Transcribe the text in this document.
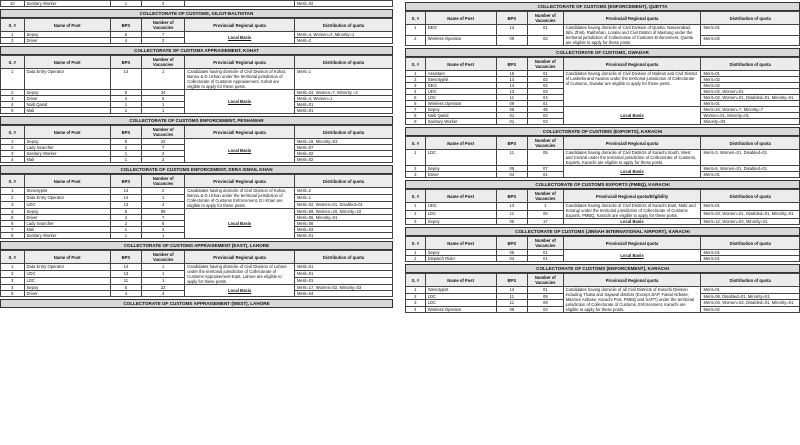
10	Sanitary Worker	1	2		Merit=02
COLLECTORATE OF CUSTOMS, GILGIT-BALTISTAN
S. #	Name of Post	BPS	Number of Vacancies	Provincial/ Regional quota	Distribution of quota
1	Sepoy	5	7	Local Basis	Merit=4, Women=2, Minority=1
2	Driver	4	2		Merit=2
COLLECTORATE OF CUSTOMS APPRAISEMENT, KOHAT
S. #	Name of Post	BPS	Number of Vacancies	Provincial/ Regional quota	Distribution of quota
1	Data Entry Operator	14	1	Candidates having domicile of Civil Division of Kohat, Bannu & D.I.Khan under the territorial jurisdiction of Collectorate of Customs Appraisement, Kohat are eligible to apply for these posts.	Merit=1
2	Sepoy	5	34	Local Basis	Merit=24, Women=7, Minority =3
3	Driver	4	5		Merit=4, Women=1
4	Naib Qasid	1	1		Merit=01
5	Mali	1	1		Merit=01
COLLECTORATE OF CUSTOMS ENFORCEMENT, PESHAWAR
S. #	Name of Post	BPS	Number of Vacancies	Provincial/ Regional quota	Distribution of quota
1	Sepoy	5	22	Local Basis	Merit=19, Minority=03
2	Lady Searcher	2	7		Merit=07
3	Sanitary Worker	1	2		Merit=02
4	Mali	1	2		Merit=02
COLLECTORATE OF CUSTOMS ENFORCEMENT, DERA ISMAIL KHAN
S. #	Name of Post	BPS	Number of Vacancies	Provincial/ Regional quota	Distribution of quota
1	Stenotypist	14	2	Candidates having domicile of Civil Division of Kohat, Bannu & D.I.Khan under the territorial jurisdiction of Collectorate of Customs Enforcement, D.I.Khan are eligible to apply for these posts.	Merit=2
2	Data Entry Operator	14	1		Merit=1
3	UDC	13	4		Merit=02, Women=01, Disabled=01
4	Sepoy	5	99	Local Basis	Merit=69, Women=20, Minority=10
5	Driver	4	7		Merit=06, Minority=01
6	Lady Searcher	2	8		Merit=08
7	Mali	1	3		Merit=03
8	Sanitary Worker	1	1		Merit=01
COLLECTORATE OF CUSTOMS APPRAISEMENT (EAST), LAHORE
S. #	Name of Post	BPS	Number of Vacancies	Provincial/ Regional quota	Distribution of quota
1	Data Entry Operator	14	1	Candidates having domicile of Civil Division of Lahore under the territorial jurisdiction of Collectorate of Customs Appraisement-East, Lahore are eligible to apply for these posts.	Merit=01
2	UDC	13	1		Merit=01
3	LDC	11	1		Merit=01
4	Sepoy	5	22	Local Basis	Merit=17, Women=02, Minority=03
5	Driver	4	4		Merit=04
COLLECTORATE OF CUSTOMS APPRAISEMENT (WEST), LAHORE
COLLECTORATE OF CUSTOMS (ENFORCEMENT), QUETTA
S. #	Name of Post	BPS	Number of Vacancies	Provincial/ Regional quota	Distribution of quota
1	DEO	14	01	Candidates having domicile of Civil Division of Quetta, Naseerabad, Sibi, Zhob, Rakhshan, Loralai and Civil District of Mastung under the territorial jurisdiction of Collectorate of Customs Enforcement, Quetta are eligible to apply for these posts.	Merit=01
2	Wireless Operator	09	02		Merit=02
COLLECTORATE OF CUSTOMS, GWADAR
S. #	Name of Post	BPS	Number of Vacancies	Provincial/ Regional quota	Distribution of quota
1	Assistant	15	01	Candidates having domicile of Civil Division of Makran and Civil District of Lasbella and Awaran under the territorial jurisdiction of Collectorate of Customs, Gwadar are eligible to apply for these posts.	Merit=01
2	Stenotypist	14	02		Merit=02
3	DEO	14	02		Merit=02
4	UDC	13	03		Merit=02, Women=01
5	LDC	11	04		Merit=02, Women=01, Disabled=01, Minority=01
6	Wireless Operator	09	01		Merit=01
7	Sepoy	05	48	Local Basis	Merit=34, Women=7, Minority=7
8	Naib Qasid	01	02		Women=01, Minority=01
9	Sanitary Worker	01	03		Minority=03
COLLECTORATE OF CUSTOMS (EXPORTS), KARACHI
S. #	Name of Post	BPS	Number of Vacancies	Provincial/ Regional quota	Distribution of quota
1	LDC	11	05	Candidates having domicile of Civil Districts of Karachi South, West and Central under the territorial jurisdiction of Collectorate of Customs, Exports, Karachi are eligible to apply for these posts.	Merit=3, Women=01, Disabled=01
2	Sepoy	05	07	Local Basis	Merit=5, Women=01, Disabled=01
3	Driver	04	01		Merit=01
COLLECTORATE OF CUSTOMS EXPORTS (PMBQ), KARACHI
S. #	Name of Post	BPS	Number of Vacancies	Provincial/ Regional quota/Eligibility	Distribution of quota
1	UDC	13	1	Candidates having domicile of Civil Districts of Karachi East, Malir and Korangi under the territorial jurisdiction of Collectorate of Customs Exports, PMBQ, Karachi are eligible to apply for these posts.	Merit=01
2	LDC	11	06		Merit=03, Women=01, Disabled=01, Minority=01
3	Sepoy	05	17	Local Basis	Merit=12, Women=04, Minority=01
COLLECTORATE OF CUSTOMS (JINNAH INTERNATIONAL AIRPORT), KARACHI
S. #	Name of Post	BPS	Number of Vacancies	Provincial/ Regional quota	Distribution of quota
1	Sepoy	05	01	Local Basis	Merit=01
2	Dispatch Rider	04	01		Merit=01
COLLECTORATE OF CUSTOMS (ENFORCEMENT), KARACHI
S. #	Name of Post	BPS	Number of Vacancies	Provincial/ Regional quota	Distribution of quota
1	Stenotypist	14	01	Candidates having domicile of all Civil Districts of Karachi Division including Thatta and Sajawal districts (Except JIAP, Faisal Airbase, Masroor Airbase, Karachi Port, PMBQ and SAPT) under the territorial jurisdiction of Collectorate of Customs, Enforcement, Karachi are eligible to apply for these posts.	Merit=01
2	LDC	11	08		Merit=06, Disabled=01, Minority=01
3	LDC	11	08		Merit=04, Women=02, Disabled=01, Minority=01
4	Wireless Operator	09	02		Merit=02
